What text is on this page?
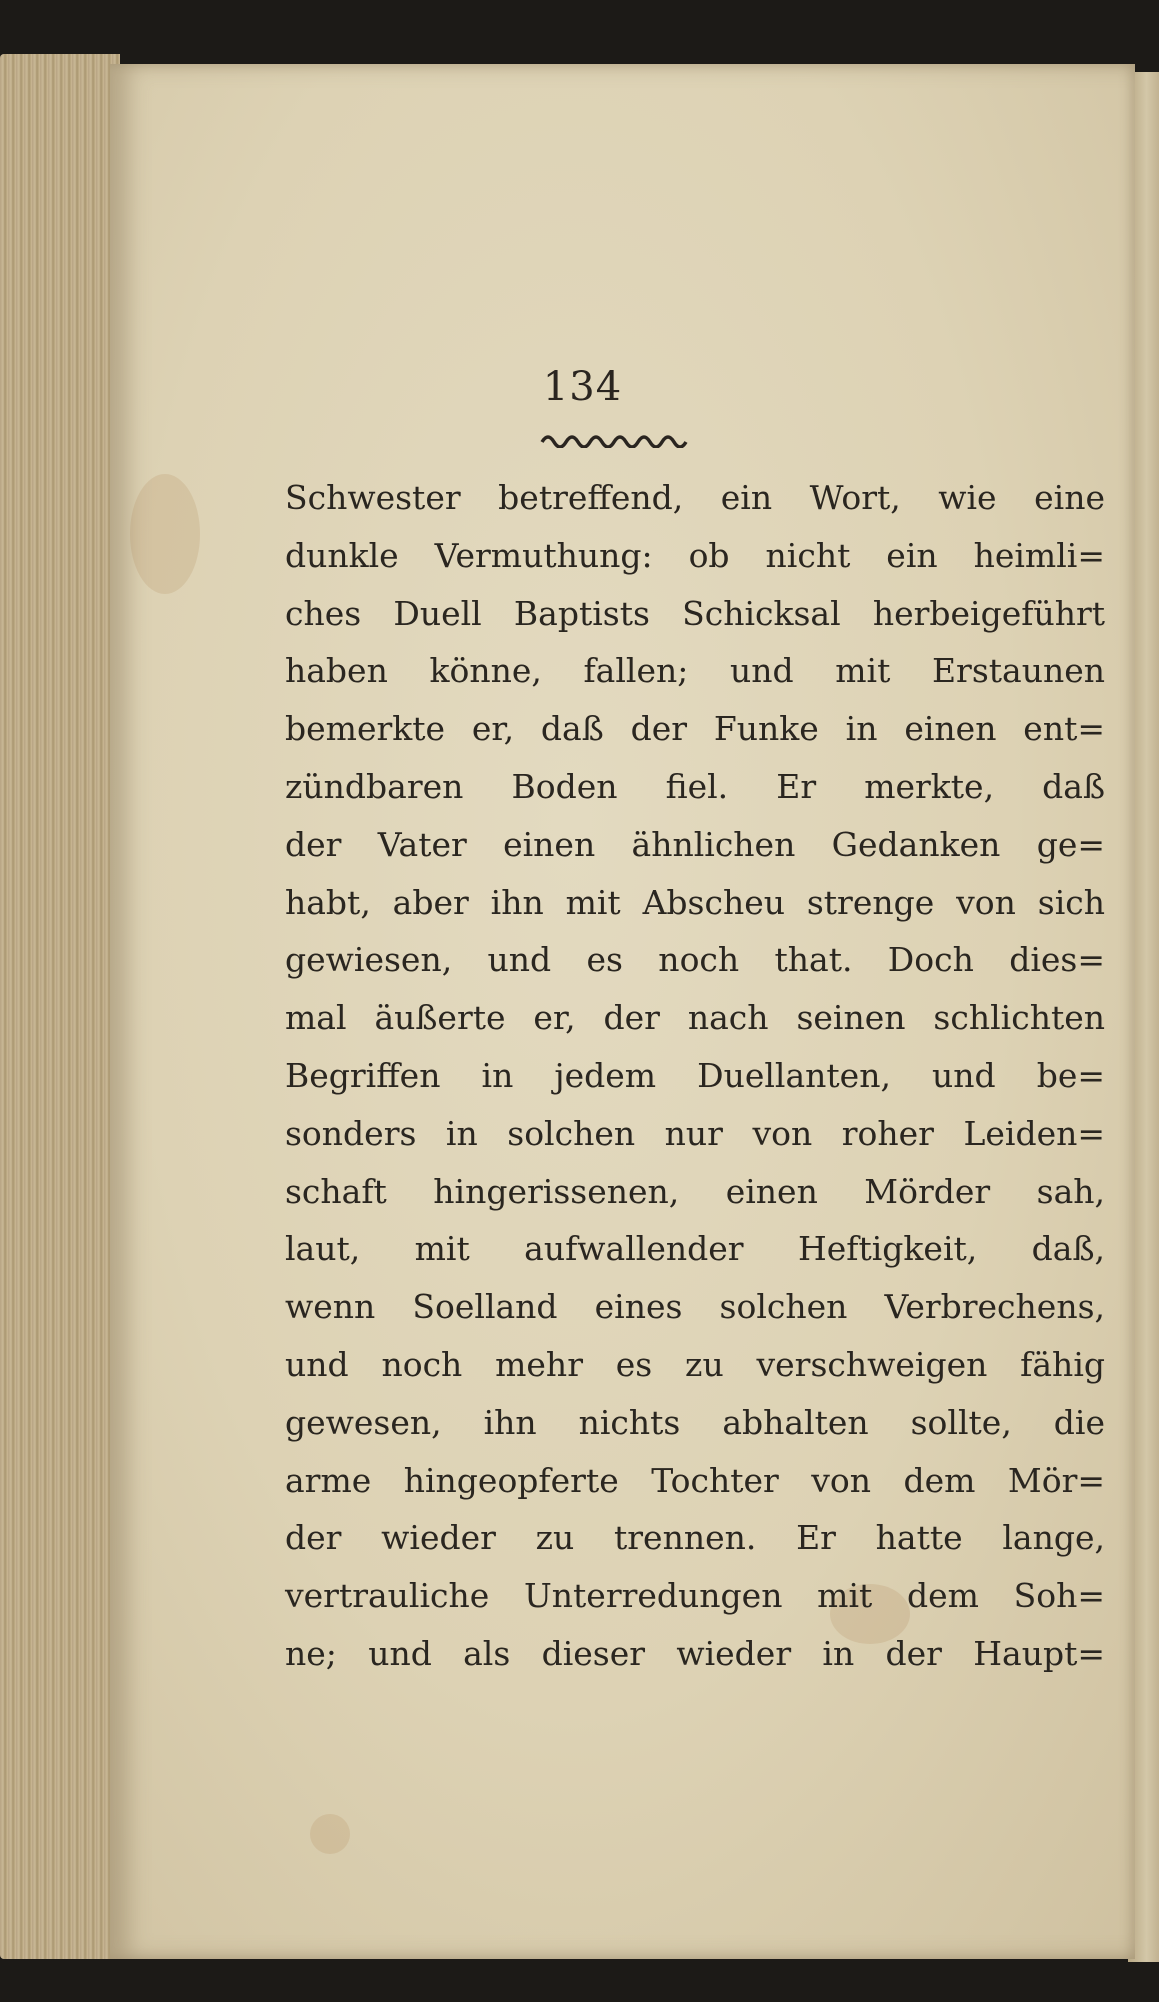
134
Schwester betreffend, ein Wort, wie eine
dunkle Vermuthung: ob nicht ein heimli=
ches Duell Baptists Schicksal herbeigeführt
haben könne, fallen; und mit Erstaunen
bemerkte er, daß der Funke in einen ent=
zündbaren Boden fiel. Er merkte, daß
der Vater einen ähnlichen Gedanken ge=
habt, aber ihn mit Abscheu strenge von sich
gewiesen, und es noch that. Doch dies=
mal äußerte er, der nach seinen schlichten
Begriffen in jedem Duellanten, und be=
sonders in solchen nur von roher Leiden=
schaft hingerissenen, einen Mörder sah,
laut, mit aufwallender Heftigkeit, daß,
wenn Soelland eines solchen Verbrechens,
und noch mehr es zu verschweigen fähig
gewesen, ihn nichts abhalten sollte, die
arme hingeopferte Tochter von dem Mör=
der wieder zu trennen. Er hatte lange,
vertrauliche Unterredungen mit dem Soh=
ne; und als dieser wieder in der Haupt=
